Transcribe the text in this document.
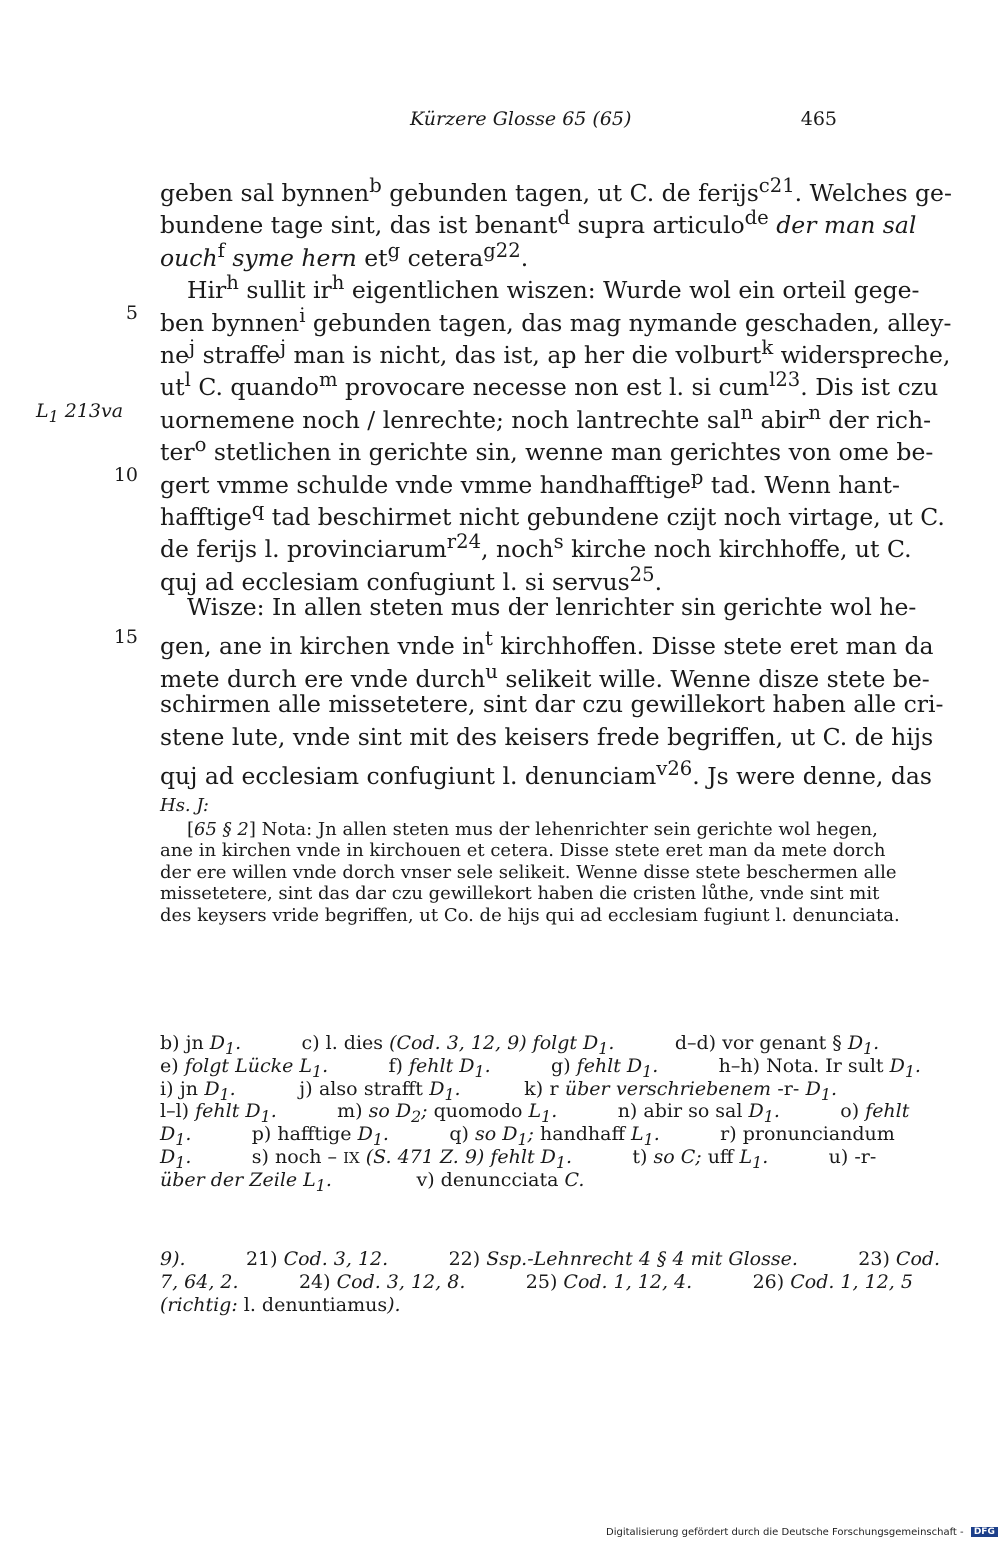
Kürzere Glosse 65 (65)	465
5
10
15
$L_1$ 213va
geben sal bynnen$^b$ gebunden tagen, ut C. de ferijs$^{c21}$. Welches ge-
bundene tage sint, das ist benant$^d$ supra articulo$^{de}$ der man sal
ouch$^f$ syme hern $et^g$ cetera$^{g22}$.
Hir$^h$ sullit $ir^h$ eigentlichen wiszen: Wurde wol ein orteil gege-
ben bynnen$^i$ gebunden tagen, das mag nymande geschaden, alley-
$ne^j$ straffe$^j$ man is nicht, das ist, ap her die volburt$^k$ widerspreche,
$ut^l$ C. quando$^m$ provocare necesse non est l. si cum$^{l23}$. Dis ist czu
uornemene noch / lenrechte; noch lantrechte sal$^n$ abir$^n$ der rich-
ter$^o$ stetlichen in gerichte sin, wenne man gerichtes von ome be-
gert vmme schulde vnde vmme handhafftige$^p$ tad. Wenn hant-
hafftige$^q$ tad beschirmet nicht gebundene czijt noch virtage, ut C.
de ferijs l. provinciarum$^{r24}$, noch$^s$ kirche noch kirchhoffe, ut C.
quj ad ecclesiam confugiunt l. si servus$^{25}$.
Wisze: In allen steten mus der lenrichter sin gerichte wol he-
gen, ane in kirchen vnde $in^t$ kirchhoffen. Disse stete eret man da
mete durch ere vnde durch$^u$ selikeit wille. Wenne disze stete be-
schirmen alle missetetere, sint dar czu gewillekort haben alle cri-
stene lute, vnde sint mit des keisers frede begriffen, ut C. de hijs
quj ad ecclesiam confugiunt l. denunciam$^{v26}$. Js were denne, das
Hs. J:
[65 § 2] Nota: Jn allen steten mus der lehenrichter sein gerichte wol hegen,
ane in kirchen vnde in kirchouen et cetera. Disse stete eret man da mete dorch
der ere willen vnde dorch vnser sele selikeit. Wenne disse stete beschermen alle
missetetere, sint das dar czu gewillekort haben die cristen lůthe, vnde sint mit
des keysers vride begriffen, ut Co. de hijs qui ad ecclesiam fugiunt l. denunciata.
b) jn $D_1$.          c) l. dies (Cod. 3, 12, 9) folgt $D_1$.          d–d) vor genant § $D_1$.
e) folgt Lücke $L_1$.          f) fehlt $D_1$.          g) fehlt $D_1$.          h–h) Nota. Ir sult $D_1$.
i) jn $D_1$.          j) also strafft $D_1$.          k) r über verschriebenem -r- $D_1$.
l–l) fehlt $D_1$.          m) so $D_2$; quomodo $L_1$.          n) abir so sal $D_1$.          o) fehlt
$D_1$.          p) hafftige $D_1$.          q) so $D_1$; handhaff $L_1$.          r) pronunciandum
$D_1$.          s) noch – IX (S. 471 Z. 9) fehlt $D_1$.          t) so C; uff $L_1$.          u) -r-
über der Zeile $L_1$.              v) denuncciata C.
9).          21) Cod. 3, 12.          22) Ssp.-Lehnrecht 4 § 4 mit Glosse.          23) Cod.
7, 64, 2.          24) Cod. 3, 12, 8.          25) Cod. 1, 12, 4.          26) Cod. 1, 12, 5
(richtig: l. denuntiamus).
Digitalisierung gefördert durch die Deutsche Forschungsgemeinschaft - DFG
